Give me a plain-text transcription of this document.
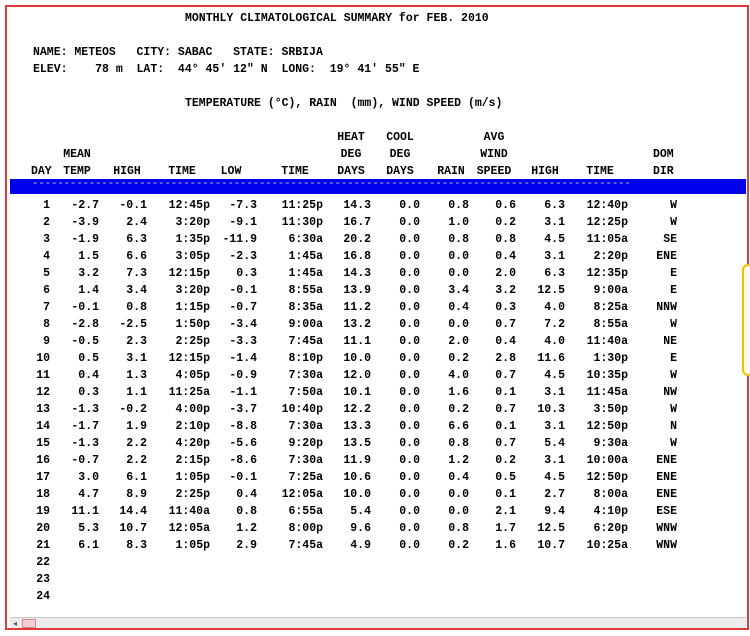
MONTHLY CLIMATOLOGICAL SUMMARY for FEB. 2010
NAME: METEOS   CITY: SABAC   STATE: SRBIJA
ELEV:    78 m  LAT:  44° 45' 12" N  LONG:  19° 41' 55" E
TEMPERATURE (°C), RAIN  (mm), WIND SPEED (m/s)
DAY
MEAN
TEMP	HIGH	TIME	LOW	TIME
HEAT
DEG
DAYS
COOL
DEG
DAYS	RAIN
AVG
WIND
SPEED	HIGH	TIME
DOM
DIR
-----------------------------------------------------------------------------------------------
1	-2.7	-0.1	12:45p	-7.3	11:25p	14.3	0.0	0.8	0.6	6.3	12:40p	W
2	-3.9	2.4	3:20p	-9.1	11:30p	16.7	0.0	1.0	0.2	3.1	12:25p	W
3	-1.9	6.3	1:35p	-11.9	6:30a	20.2	0.0	0.8	0.8	4.5	11:05a	SE
4	1.5	6.6	3:05p	-2.3	1:45a	16.8	0.0	0.0	0.4	3.1	2:20p	ENE
5	3.2	7.3	12:15p	0.3	1:45a	14.3	0.0	0.0	2.0	6.3	12:35p	E
6	1.4	3.4	3:20p	-0.1	8:55a	13.9	0.0	3.4	3.2	12.5	9:00a	E
7	-0.1	0.8	1:15p	-0.7	8:35a	11.2	0.0	0.4	0.3	4.0	8:25a	NNW
8	-2.8	-2.5	1:50p	-3.4	9:00a	13.2	0.0	0.0	0.7	7.2	8:55a	W
9	-0.5	2.3	2:25p	-3.3	7:45a	11.1	0.0	2.0	0.4	4.0	11:40a	NE
10	0.5	3.1	12:15p	-1.4	8:10p	10.0	0.0	0.2	2.8	11.6	1:30p	E
11	0.4	1.3	4:05p	-0.9	7:30a	12.0	0.0	4.0	0.7	4.5	10:35p	W
12	0.3	1.1	11:25a	-1.1	7:50a	10.1	0.0	1.6	0.1	3.1	11:45a	NW
13	-1.3	-0.2	4:00p	-3.7	10:40p	12.2	0.0	0.2	0.7	10.3	3:50p	W
14	-1.7	1.9	2:10p	-8.8	7:30a	13.3	0.0	6.6	0.1	3.1	12:50p	N
15	-1.3	2.2	4:20p	-5.6	9:20p	13.5	0.0	0.8	0.7	5.4	9:30a	W
16	-0.7	2.2	2:15p	-8.6	7:30a	11.9	0.0	1.2	0.2	3.1	10:00a	ENE
17	3.0	6.1	1:05p	-0.1	7:25a	10.6	0.0	0.4	0.5	4.5	12:50p	ENE
18	4.7	8.9	2:25p	0.4	12:05a	10.0	0.0	0.0	0.1	2.7	8:00a	ENE
19	11.1	14.4	11:40a	0.8	6:55a	5.4	0.0	0.0	2.1	9.4	4:10p	ESE
20	5.3	10.7	12:05a	1.2	8:00p	9.6	0.0	0.8	1.7	12.5	6:20p	WNW
21	6.1	8.3	1:05p	2.9	7:45a	4.9	0.0	0.2	1.6	10.7	10:25a	WNW
22
23
24
◂
